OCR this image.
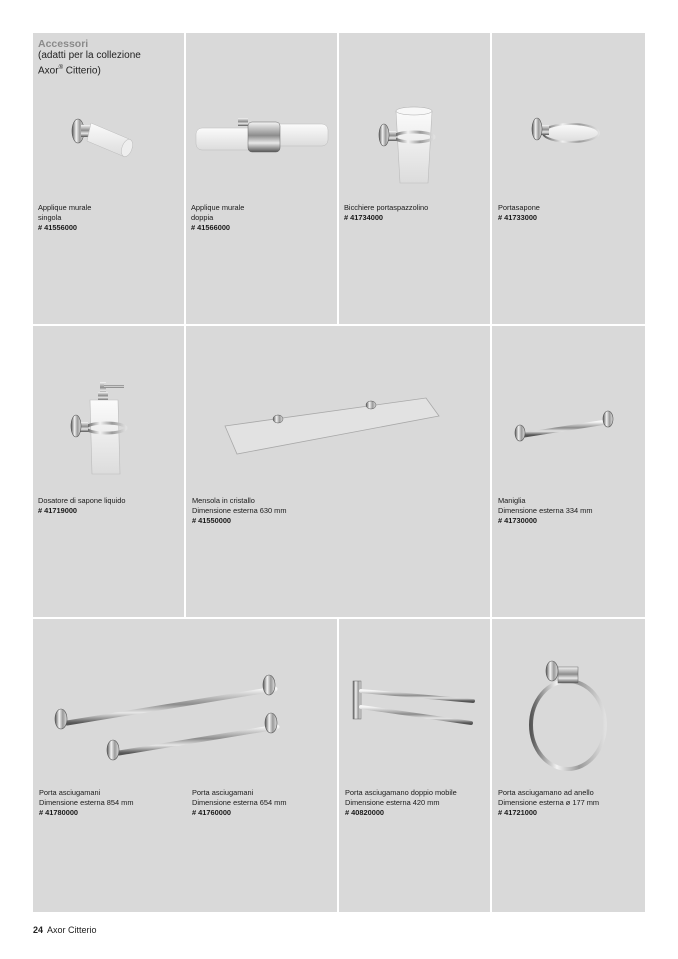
Accessori
(adatti per la collezione
Axor® Citterio)
Applique murale
singola
# 41556000
Applique murale
doppia
# 41566000
Bicchiere portaspazzolino
# 41734000
Portasapone
# 41733000
Dosatore di sapone liquido
# 41719000
Mensola in cristallo
Dimensione esterna 630 mm
# 41550000
Maniglia
Dimensione esterna 334 mm
# 41730000
Porta asciugamani
Dimensione esterna 854 mm
# 41780000
Porta asciugamani
Dimensione esterna 654 mm
# 41760000
Porta asciugamano doppio mobile
Dimensione esterna 420 mm
# 40820000
Porta asciugamano ad anello
Dimensione esterna ø 177 mm
# 41721000
24 Axor Citterio
